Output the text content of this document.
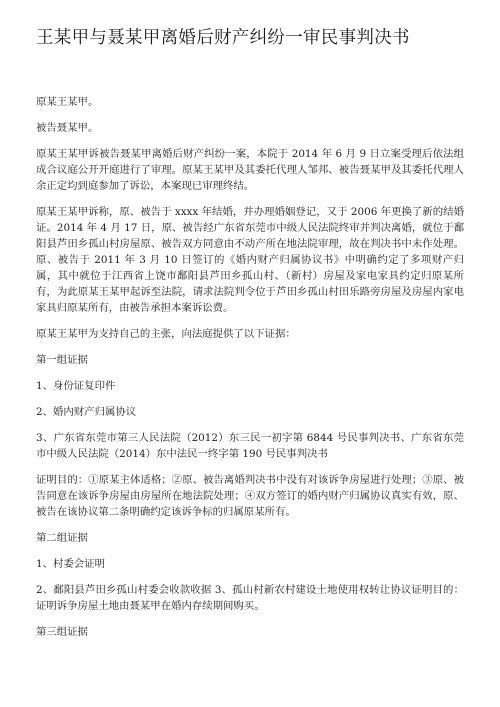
王某甲与聂某甲离婚后财产纠纷一审民事判决书

原某王某甲。

被告聂某甲。

原某王某甲诉被告聂某甲离婚后财产纠纷一案，本院于 2014 年 6 月 9 日立案受理后依法组成合议庭公开开庭进行了审理。原某王某甲及其委托代理人邹邦、被告聂某甲及其委托代理人余正定均到庭参加了诉讼，本案现已审理终结。

原某王某甲诉称，原、被告于 xxxx 年结婚，并办理婚姻登记，又于 2006 年更换了新的结婚证。2014 年 4 月 17 日，原、被告经广东省东莞市中级人民法院终审并判决离婚，就位于鄱阳县芦田乡孤山村房屋原、被告双方同意由不动产所在地法院审理，故在判决书中未作处理。原、被告于 2011 年 3 月 10 日签订的《婚内财产归属协议书》中明确约定了多项财产归属，其中就位于江西省上饶市鄱阳县芦田乡孤山村、（新村）房屋及家电家具约定归原某所有，为此原某王某甲起诉至法院，请求法院判令位于芦田乡孤山村田乐路旁房屋及房屋内家电家具归原某所有，由被告承担本案诉讼费。

原某王某甲为支持自己的主张，向法庭提供了以下证据：

第一组证据

1、身份证复印件

2、婚内财产归属协议

3、广东省东莞市第三人民法院（2012）东三民一初字第 6844 号民事判决书、广东省东莞市中级人民法院（2014）东中法民一终字第 190 号民事判决书

证明目的：①原某主体适格；②原、被告离婚判决书中没有对该诉争房屋进行处理；③原、被告同意在该诉争房屋由房屋所在地法院处理；④双方签订的婚内财产归属协议真实有效，原、被告在该协议第二条明确约定该诉争标的归属原某所有。

第二组证据

1、村委会证明

2、鄱阳县芦田乡孤山村委会收款收据 3、孤山村新农村建设土地使用权转让协议证明目的：证明诉争房屋土地由聂某甲在婚内存续期间购买。

第三组证据
